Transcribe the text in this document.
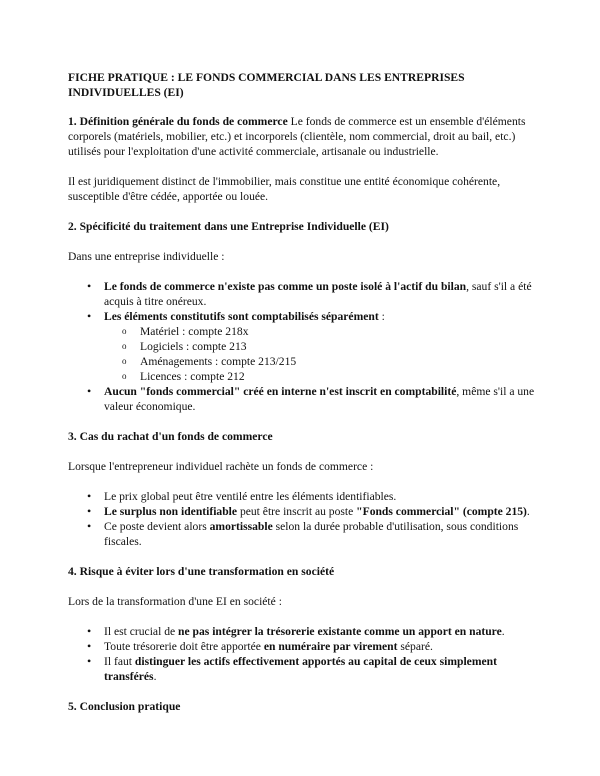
FICHE PRATIQUE : LE FONDS COMMERCIAL DANS LES ENTREPRISES INDIVIDUELLES (EI)

1. Définition générale du fonds de commerce Le fonds de commerce est un ensemble d'éléments corporels (matériels, mobilier, etc.) et incorporels (clientèle, nom commercial, droit au bail, etc.) utilisés pour l'exploitation d'une activité commerciale, artisanale ou industrielle.

Il est juridiquement distinct de l'immobilier, mais constitue une entité économique cohérente, susceptible d'être cédée, apportée ou louée.

2. Spécificité du traitement dans une Entreprise Individuelle (EI)

Dans une entreprise individuelle :

• Le fonds de commerce n'existe pas comme un poste isolé à l'actif du bilan, sauf s'il a été acquis à titre onéreux.
• Les éléments constitutifs sont comptabilisés séparément :
o Matériel : compte 218x
o Logiciels : compte 213
o Aménagements : compte 213/215
o Licences : compte 212
• Aucun "fonds commercial" créé en interne n'est inscrit en comptabilité, même s'il a une valeur économique.
3. Cas du rachat d'un fonds de commerce

Lorsque l'entrepreneur individuel rachète un fonds de commerce :

• Le prix global peut être ventilé entre les éléments identifiables.
• Le surplus non identifiable peut être inscrit au poste "Fonds commercial" (compte 215).
• Ce poste devient alors amortissable selon la durée probable d'utilisation, sous conditions fiscales.
4. Risque à éviter lors d'une transformation en société

Lors de la transformation d'une EI en société :

• Il est crucial de ne pas intégrer la trésorerie existante comme un apport en nature.
• Toute trésorerie doit être apportée en numéraire par virement séparé.
• Il faut distinguer les actifs effectivement apportés au capital de ceux simplement transférés.
5. Conclusion pratique
